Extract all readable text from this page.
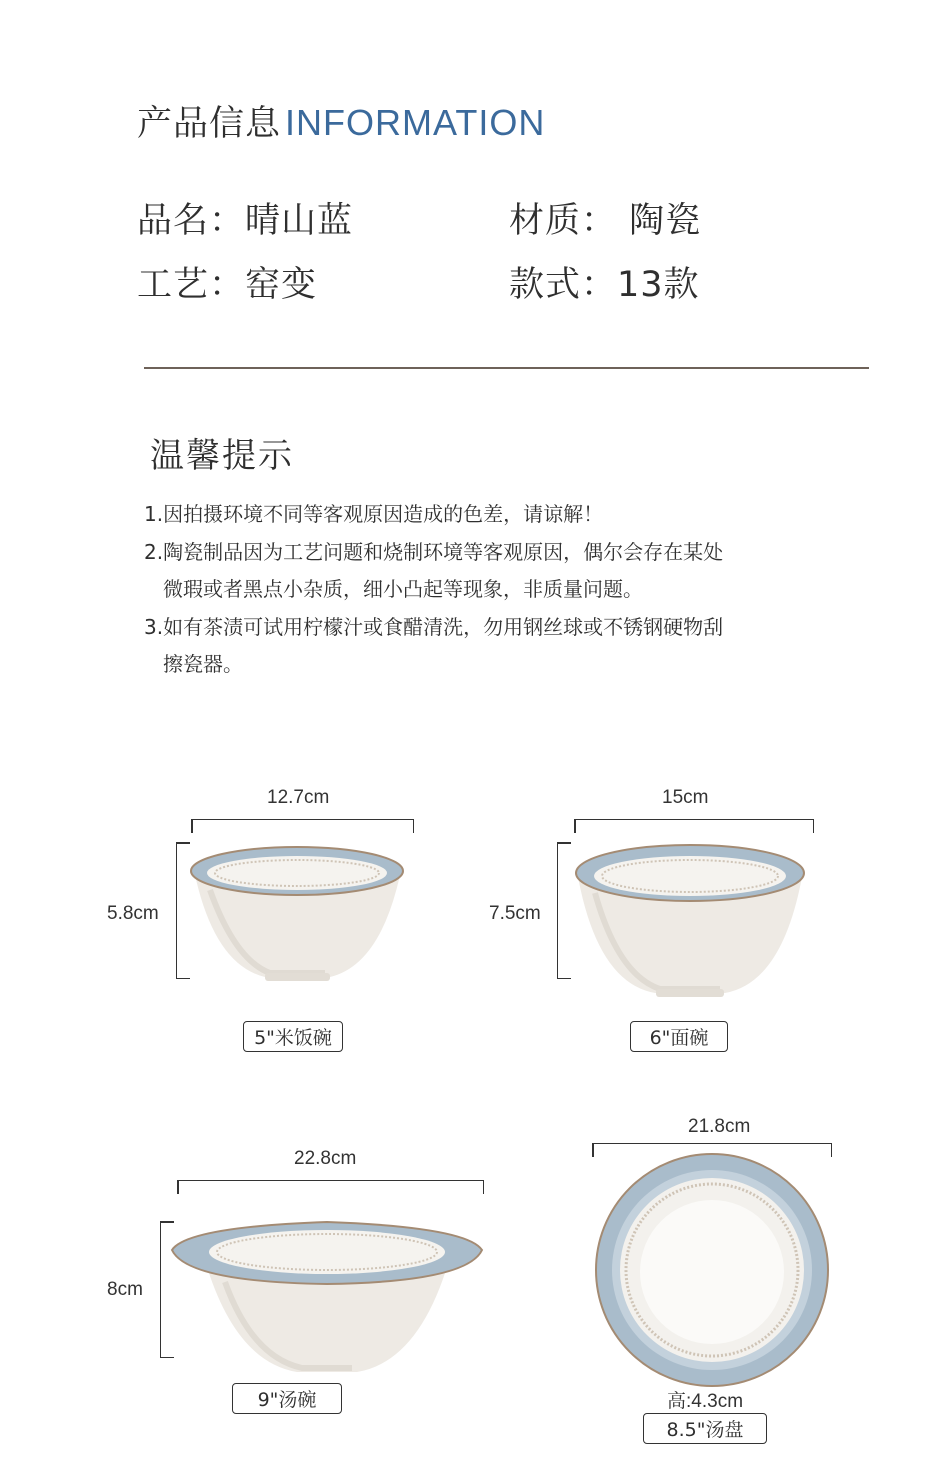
产品信息 INFORMATION
品名：晴山蓝	材质： 陶瓷
工艺：窑变	款式：13款
温馨提示
1.因拍摄环境不同等客观原因造成的色差，请谅解！
2.陶瓷制品因为工艺问题和烧制环境等客观原因，偶尔会存在某处
微瑕或者黑点小杂质，细小凸起等现象，非质量问题。
3.如有茶渍可试用柠檬汁或食醋清洗，勿用钢丝球或不锈钢硬物刮
擦瓷器。
12.7cm
5.8cm
5"米饭碗
15cm
7.5cm
6"面碗
22.8cm
8cm
9"汤碗
21.8cm
高:4.3cm
8.5"汤盘
